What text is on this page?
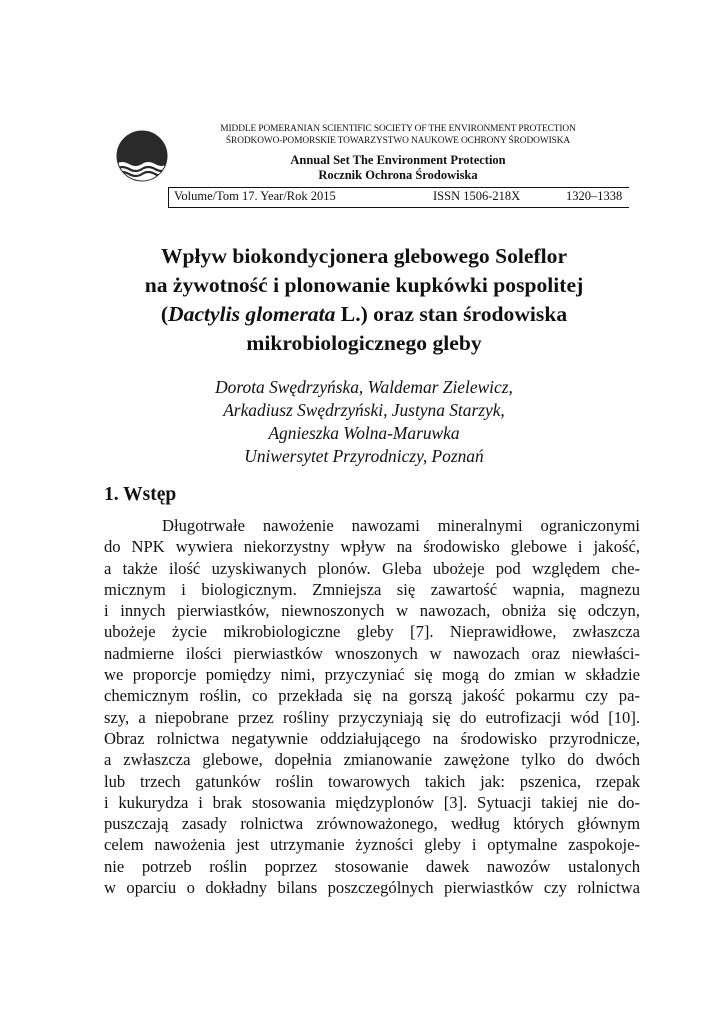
MIDDLE POMERANIAN SCIENTIFIC SOCIETY OF THE ENVIRONMENT PROTECTION
ŚRODKOWO-POMORSKIE TOWARZYSTWO NAUKOWE OCHRONY ŚRODOWISKA
Annual Set The Environment Protection
Rocznik Ochrona Środowiska
Volume/Tom 17. Year/Rok 2015	ISSN 1506-218X	1320–1338
Wpływ biokondycjonera glebowego Soleflor
na żywotność i plonowanie kupkówki pospolitej
(Dactylis glomerata L.) oraz stan środowiska
mikrobiologicznego gleby
Dorota Swędrzyńska, Waldemar Zielewicz,
Arkadiusz Swędrzyński, Justyna Starzyk,
Agnieszka Wolna-Maruwka
Uniwersytet Przyrodniczy, Poznań
1. Wstęp
Długotrwałe nawożenie nawozami mineralnymi ograniczonymi
do NPK wywiera niekorzystny wpływ na środowisko glebowe i jakość,
a także ilość uzyskiwanych plonów. Gleba ubożeje pod względem che-
micznym i biologicznym. Zmniejsza się zawartość wapnia, magnezu
i innych pierwiastków, niewnoszonych w nawozach, obniża się odczyn,
ubożeje życie mikrobiologiczne gleby [7]. Nieprawidłowe, zwłaszcza
nadmierne ilości pierwiastków wnoszonych w nawozach oraz niewłaści-
we proporcje pomiędzy nimi, przyczyniać się mogą do zmian w składzie
chemicznym roślin, co przekłada się na gorszą jakość pokarmu czy pa-
szy, a niepobrane przez rośliny przyczyniają się do eutrofizacji wód [10].
Obraz rolnictwa negatywnie oddziałującego na środowisko przyrodnicze,
a zwłaszcza glebowe, dopełnia zmianowanie zawężone tylko do dwóch
lub trzech gatunków roślin towarowych takich jak: pszenica, rzepak
i kukurydza i brak stosowania międzyplonów [3]. Sytuacji takiej nie do-
puszczają zasady rolnictwa zrównoważonego, według których głównym
celem nawożenia jest utrzymanie żyzności gleby i optymalne zaspokoje-
nie potrzeb roślin poprzez stosowanie dawek nawozów ustalonych
w oparciu o dokładny bilans poszczególnych pierwiastków czy rolnictwa
